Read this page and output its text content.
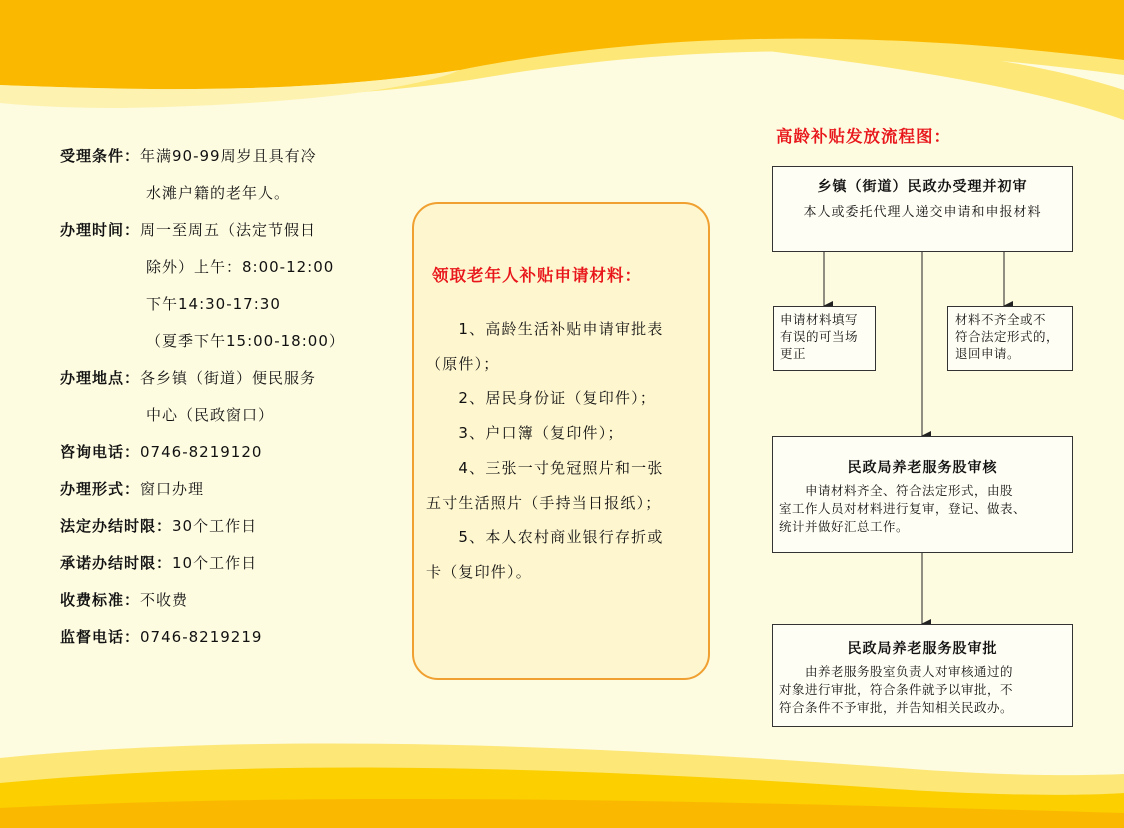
受理条件：年满90-99周岁且具有冷
水滩户籍的老年人。
办理时间：周一至周五（法定节假日
除外）上午：8:00-12:00
下午14:30-17:30
（夏季下午15:00-18:00）
办理地点：各乡镇（街道）便民服务
中心（民政窗口）
咨询电话：0746-8219120
办理形式：窗口办理
法定办结时限：30个工作日
承诺办结时限：10个工作日
收费标准：不收费
监督电话：0746-8219219
领取老年人补贴申请材料：
　　1、高龄生活补贴申请审批表
（原件）；
　　2、居民身份证（复印件）；
　　3、户口簿（复印件）；
　　4、三张一寸免冠照片和一张
五寸生活照片（手持当日报纸）；
　　5、本人农村商业银行存折或
卡（复印件）。
高龄补贴发放流程图：
乡镇（街道）民政办受理并初审
本人或委托代理人递交申请和申报材料
申请材料填写
有误的可当场
更正
材料不齐全或不
符合法定形式的，
退回申请。
民政局养老服务股审核
　　申请材料齐全、符合法定形式，由股
室工作人员对材料进行复审，登记、做表、
统计并做好汇总工作。
民政局养老服务股审批
　　由养老服务股室负责人对审核通过的
对象进行审批，符合条件就予以审批，不
符合条件不予审批，并告知相关民政办。
